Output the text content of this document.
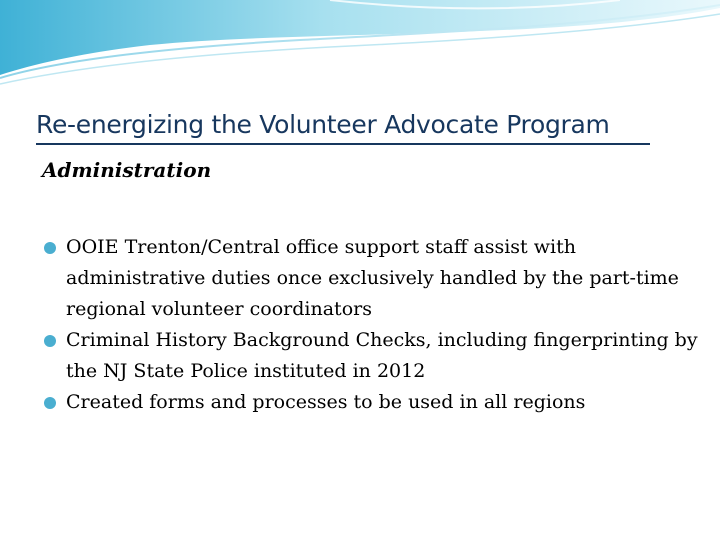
Re-energizing the Volunteer Advocate Program
Administration
OOIE Trenton/Central office support staff assist with administrative duties once exclusively handled by the part-time regional volunteer coordinators
Criminal History Background Checks, including fingerprinting by the NJ State Police instituted in 2012
Created forms and processes to be used in all regions
